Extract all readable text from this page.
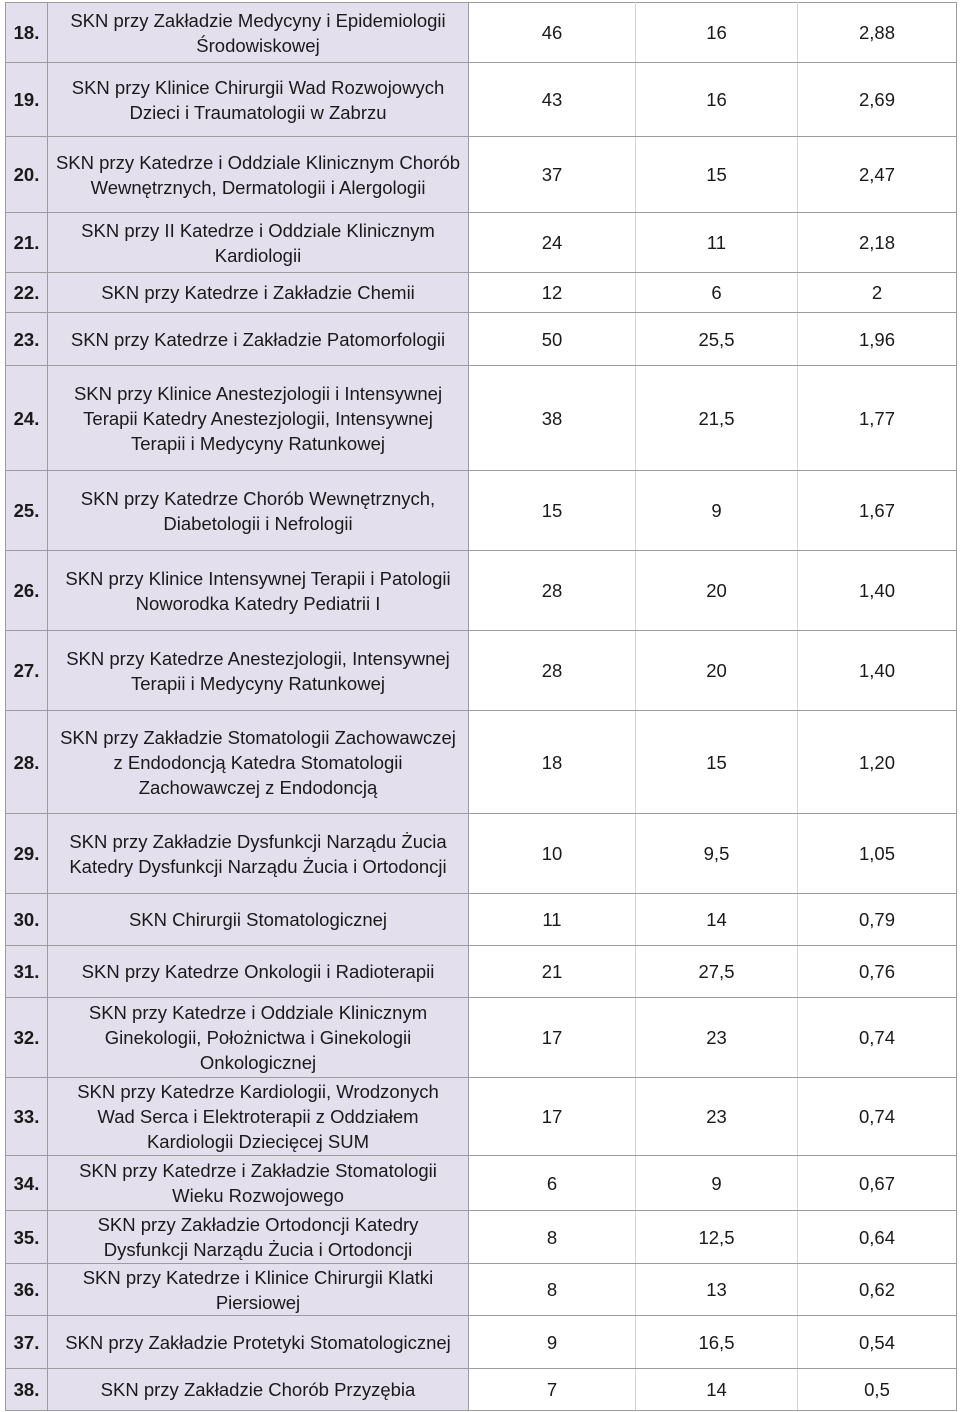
18.	SKN przy Zakładzie Medycyny i Epidemiologii
Środowiskowej	46	16	2,88
19.	SKN przy Klinice Chirurgii Wad Rozwojowych
Dzieci i Traumatologii w Zabrzu	43	16	2,69
20.	SKN przy Katedrze i Oddziale Klinicznym Chorób
Wewnętrznych, Dermatologii i Alergologii	37	15	2,47
21.	SKN przy II Katedrze i Oddziale Klinicznym
Kardiologii	24	11	2,18
22.	SKN przy Katedrze i Zakładzie Chemii	12	6	2
23.	SKN przy Katedrze i Zakładzie Patomorfologii	50	25,5	1,96
24.	SKN przy Klinice Anestezjologii i Intensywnej
Terapii Katedry Anestezjologii, Intensywnej
Terapii i Medycyny Ratunkowej	38	21,5	1,77
25.	SKN przy Katedrze Chorób Wewnętrznych,
Diabetologii i Nefrologii	15	9	1,67
26.	SKN przy Klinice Intensywnej Terapii i Patologii
Noworodka Katedry Pediatrii I	28	20	1,40
27.	SKN przy Katedrze Anestezjologii, Intensywnej
Terapii i Medycyny Ratunkowej	28	20	1,40
28.	SKN przy Zakładzie Stomatologii Zachowawczej
z Endodoncją Katedra Stomatologii
Zachowawczej z Endodoncją	18	15	1,20
29.	SKN przy Zakładzie Dysfunkcji Narządu Żucia
Katedry Dysfunkcji Narządu Żucia i Ortodoncji	10	9,5	1,05
30.	SKN Chirurgii Stomatologicznej	11	14	0,79
31.	SKN przy Katedrze Onkologii i Radioterapii	21	27,5	0,76
32.	SKN przy Katedrze i Oddziale Klinicznym
Ginekologii, Położnictwa i Ginekologii
Onkologicznej	17	23	0,74
33.	SKN przy Katedrze Kardiologii, Wrodzonych
Wad Serca i Elektroterapii z Oddziałem
Kardiologii Dziecięcej SUM	17	23	0,74
34.	SKN przy Katedrze i Zakładzie Stomatologii
Wieku Rozwojowego	6	9	0,67
35.	SKN przy Zakładzie Ortodoncji Katedry
Dysfunkcji Narządu Żucia i Ortodoncji	8	12,5	0,64
36.	SKN przy Katedrze i Klinice Chirurgii Klatki
Piersiowej	8	13	0,62
37.	SKN przy Zakładzie Protetyki Stomatologicznej	9	16,5	0,54
38.	SKN przy Zakładzie Chorób Przyzębia	7	14	0,5
